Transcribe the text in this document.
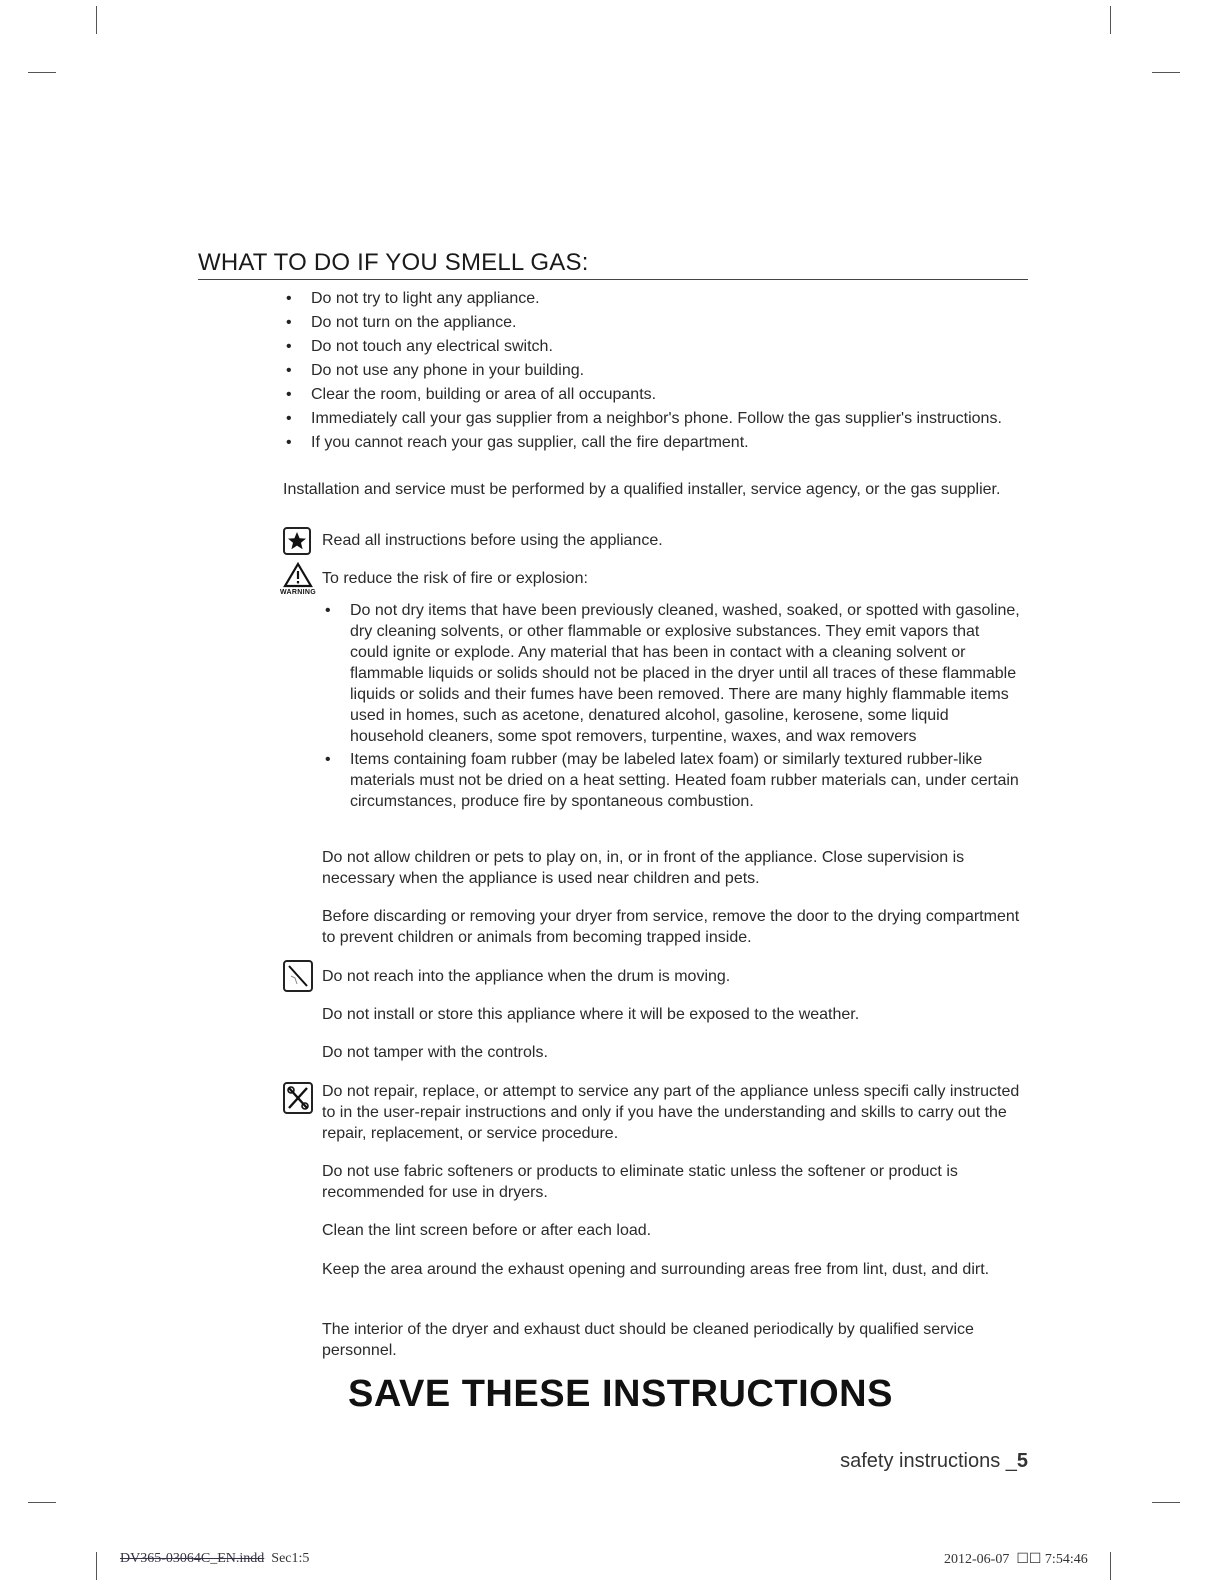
WHAT TO DO IF YOU SMELL GAS:
• Do not try to light any appliance.
• Do not turn on the appliance.
• Do not touch any electrical switch.
• Do not use any phone in your building.
• Clear the room, building or area of all occupants.
• Immediately call your gas supplier from a neighbor's phone. Follow the gas supplier's instructions.
• If you cannot reach your gas supplier, call the fire department.
Installation and service must be performed by a qualified installer, service agency, or the gas supplier.
Read all instructions before using the appliance.
WARNING
To reduce the risk of fire or explosion:
• Do not dry items that have been previously cleaned, washed, soaked, or spotted with gasoline, dry cleaning solvents, or other flammable or explosive substances. They emit vapors that could ignite or explode. Any material that has been in contact with a cleaning solvent or flammable liquids or solids should not be placed in the dryer until all traces of these flammable liquids or solids and their fumes have been removed. There are many highly flammable items used in homes, such as acetone, denatured alcohol, gasoline, kerosene, some liquid household cleaners, some spot removers, turpentine, waxes, and wax removers
• Items containing foam rubber (may be labeled latex foam) or similarly textured rubber-like materials must not be dried on a heat setting. Heated foam rubber materials can, under certain circumstances, produce fire by spontaneous combustion.
Do not allow children or pets to play on, in, or in front of the appliance. Close supervision is necessary when the appliance is used near children and pets.
Before discarding or removing your dryer from service, remove the door to the drying compartment to prevent children or animals from becoming trapped inside.
Do not reach into the appliance when the drum is moving.
Do not install or store this appliance where it will be exposed to the weather.
Do not tamper with the controls.
Do not repair, replace, or attempt to service any part of the appliance unless specifi cally instructed to in the user-repair instructions and only if you have the understanding and skills to carry out the repair, replacement, or service procedure.
Do not use fabric softeners or products to eliminate static unless the softener or product is recommended for use in dryers.
Clean the lint screen before or after each load.
Keep the area around the exhaust opening and surrounding areas free from lint, dust, and dirt.
The interior of the dryer and exhaust duct should be cleaned periodically by qualified service personnel.
SAVE THESE INSTRUCTIONS
safety instructions _5
DV365-03064C_EN.indd Sec1:5	2012-06-07  ☐☐ 7:54:46
